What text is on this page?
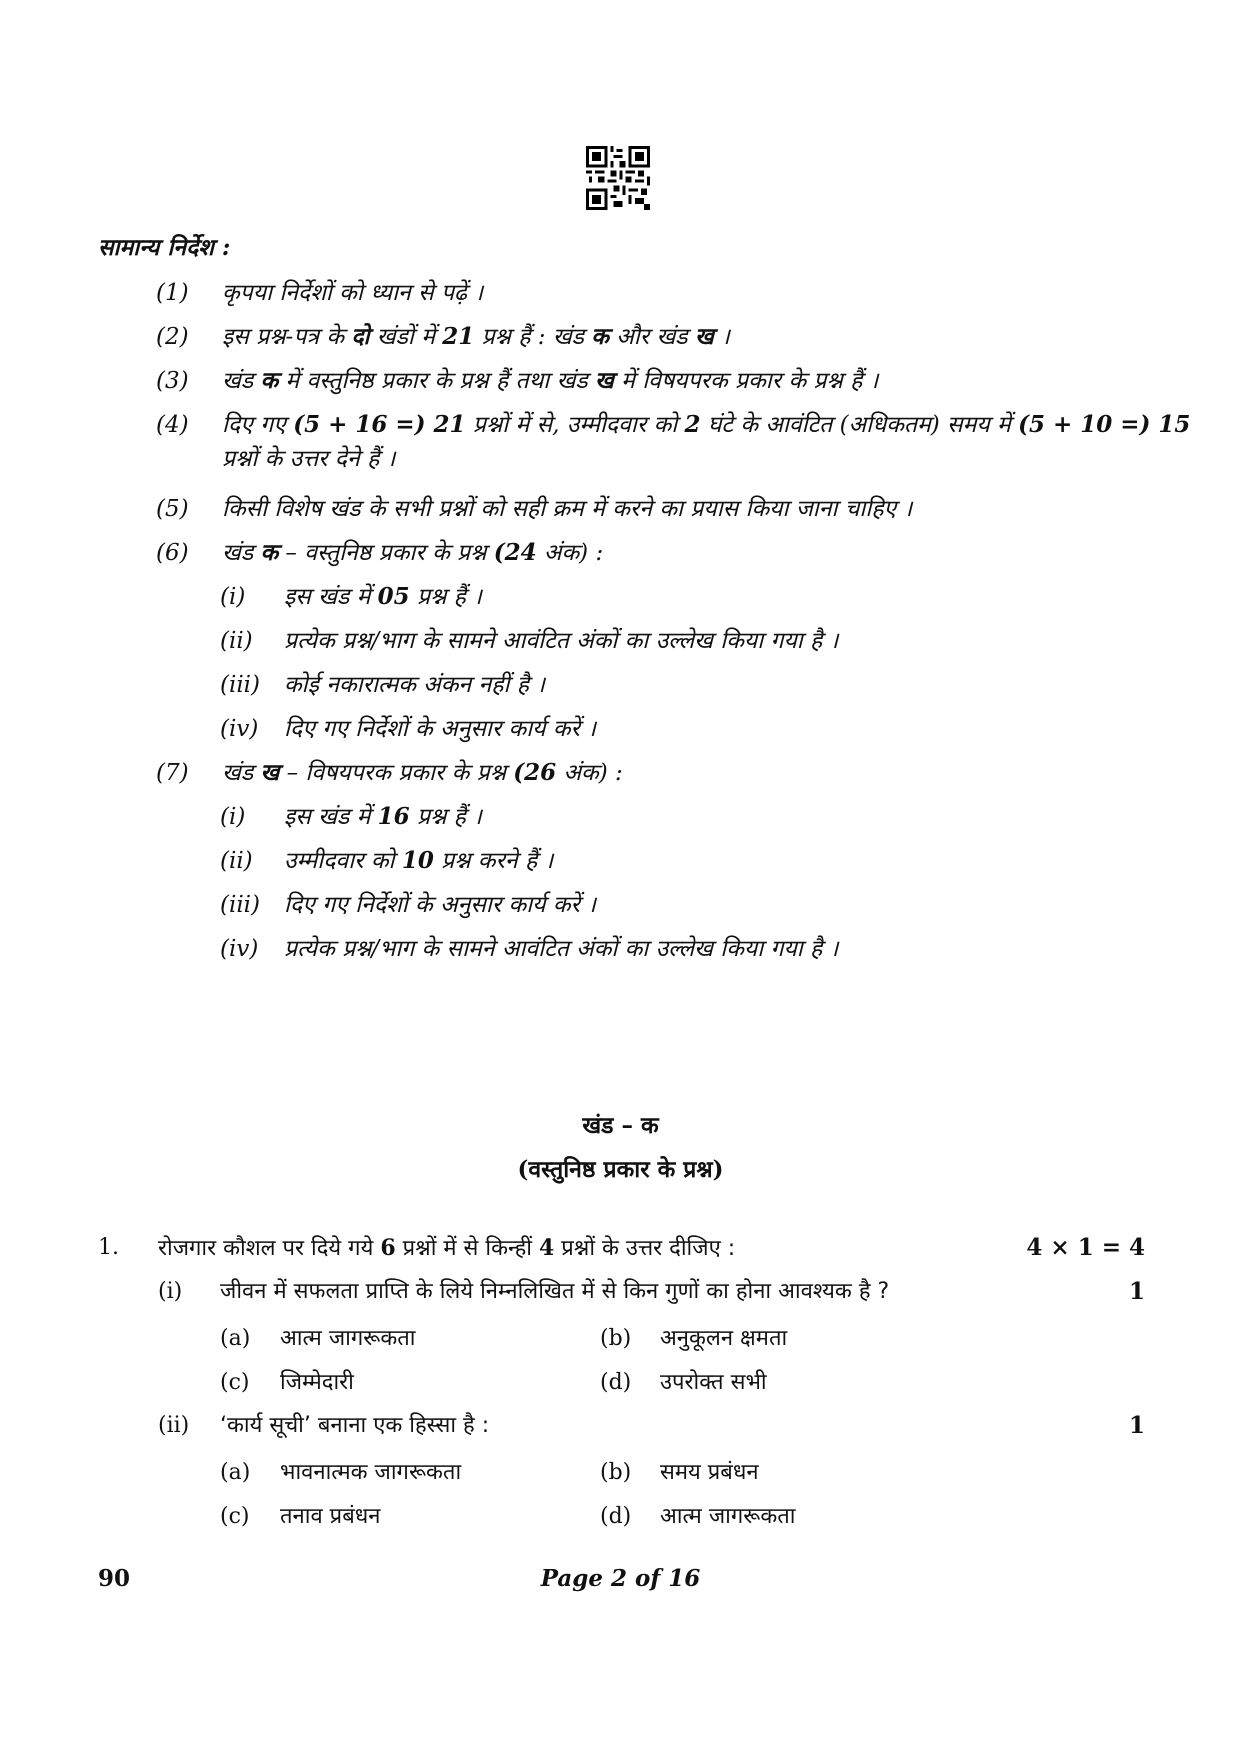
सामान्य निर्देश :
(1) कृपया निर्देशों को ध्यान से पढ़ें ।
(2) इस प्रश्न-पत्र के दो खंडों में 21 प्रश्न हैं : खंड क और खंड ख ।
(3) खंड क में वस्तुनिष्ठ प्रकार के प्रश्न हैं तथा खंड ख में विषयपरक प्रकार के प्रश्न हैं ।
(4) दिए गए (5 + 16 =) 21 प्रश्नों में से, उम्मीदवार को 2 घंटे के आवंटित (अधिकतम) समय में (5 + 10 =) 15 प्रश्नों के उत्तर देने हैं ।
(5) किसी विशेष खंड के सभी प्रश्नों को सही क्रम में करने का प्रयास किया जाना चाहिए ।
(6) खंड क – वस्तुनिष्ठ प्रकार के प्रश्न (24 अंक) :
(i) इस खंड में 05 प्रश्न हैं ।
(ii) प्रत्येक प्रश्न/भाग के सामने आवंटित अंकों का उल्लेख किया गया है ।
(iii) कोई नकारात्मक अंकन नहीं है ।
(iv) दिए गए निर्देशों के अनुसार कार्य करें ।
(7) खंड ख – विषयपरक प्रकार के प्रश्न (26 अंक) :
(i) इस खंड में 16 प्रश्न हैं ।
(ii) उम्मीदवार को 10 प्रश्न करने हैं ।
(iii) दिए गए निर्देशों के अनुसार कार्य करें ।
(iv) प्रत्येक प्रश्न/भाग के सामने आवंटित अंकों का उल्लेख किया गया है ।
खंड – क
(वस्तुनिष्ठ प्रकार के प्रश्न)
1. रोजगार कौशल पर दिये गये 6 प्रश्नों में से किन्हीं 4 प्रश्नों के उत्तर दीजिए :	4 × 1 = 4
(i) जीवन में सफलता प्राप्ति के लिये निम्नलिखित में से किन गुणों का होना आवश्यक है ?	1
(a) आत्म जागरूकता	(b) अनुकूलन क्षमता
(c) जिम्मेदारी	(d) उपरोक्त सभी
(ii) ‘कार्य सूची’ बनाना एक हिस्सा है :	1
(a) भावनात्मक जागरूकता	(b) समय प्रबंधन
(c) तनाव प्रबंधन	(d) आत्म जागरूकता
90	Page 2 of 16
